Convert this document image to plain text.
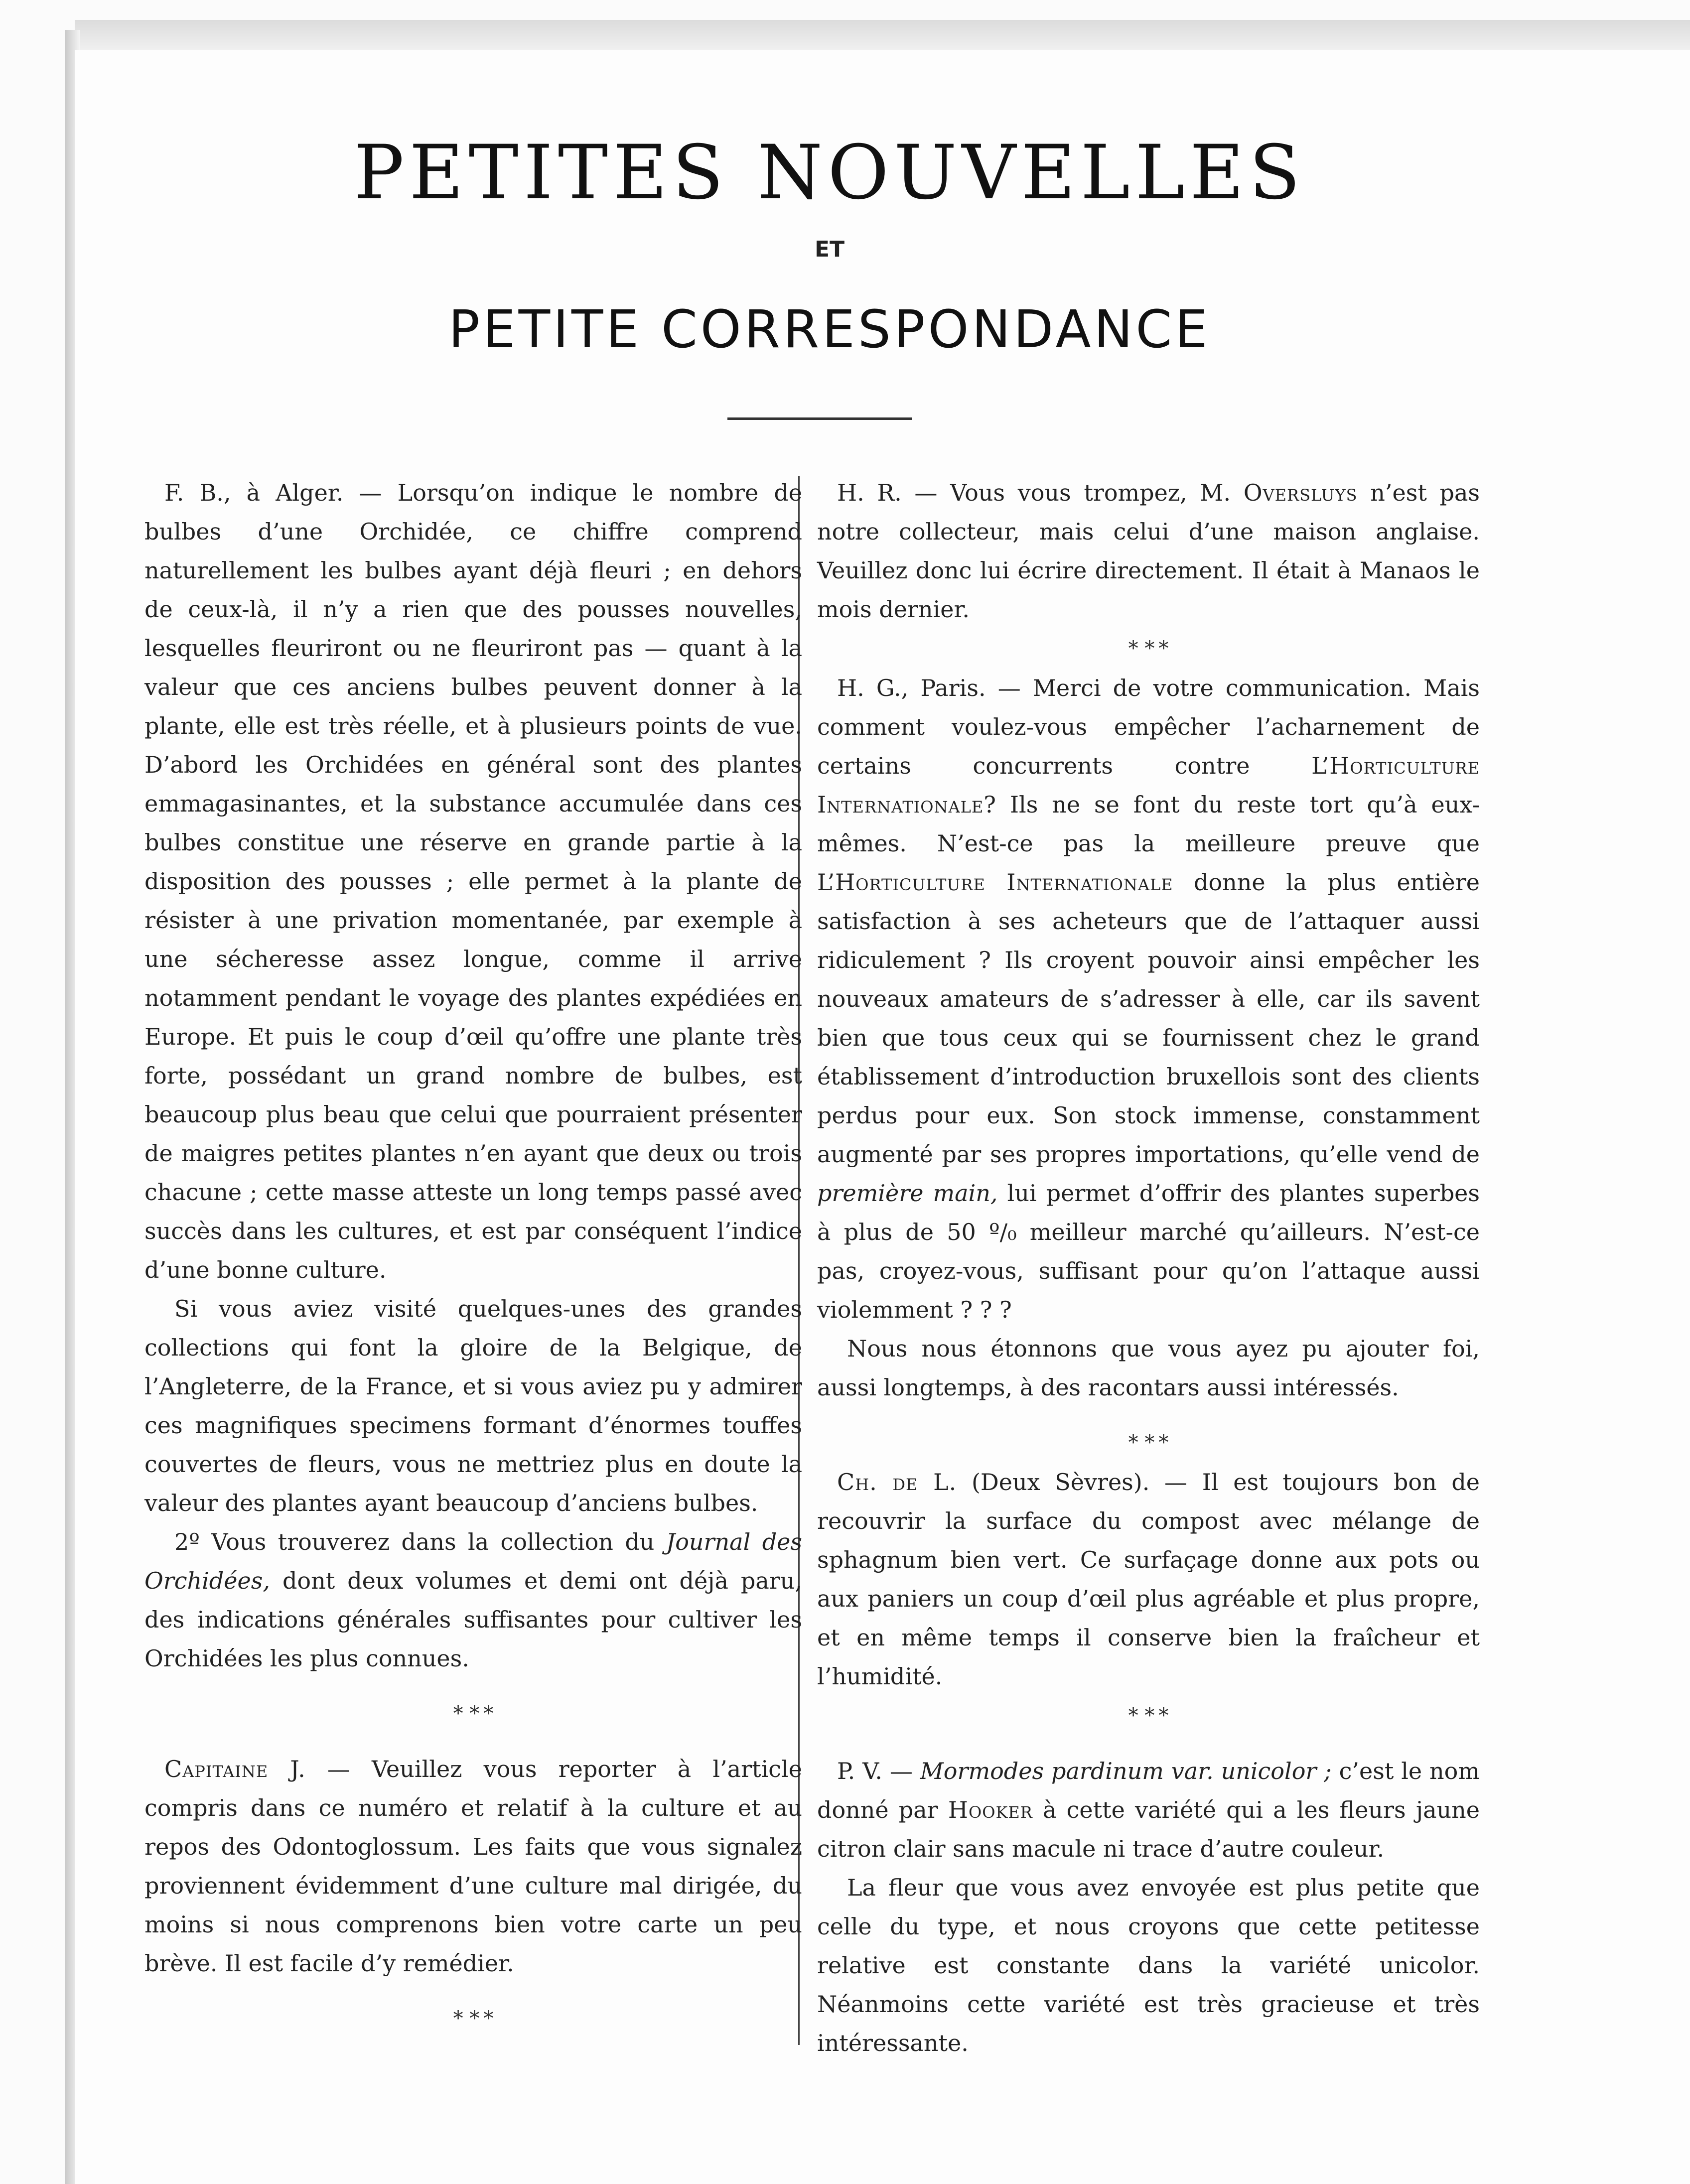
PETITES NOUVELLES
ET
PETITE CORRESPONDANCE

F. B., à Alger. — Lorsqu’on indique le nombre de bulbes d’une Orchidée, ce chiffre comprend naturellement les bulbes ayant déjà fleuri ; en dehors de ceux-là, il n’y a rien que des pousses nouvelles, lesquelles fleuriront ou ne fleuriront pas — quant à la valeur que ces anciens bulbes peuvent donner à la plante, elle est très réelle, et à plusieurs points de vue. D’abord les Orchidées en général sont des plantes emmagasinantes, et la substance accumulée dans ces bulbes constitue une réserve en grande partie à la disposition des pousses ; elle permet à la plante de résister à une privation momentanée, par exemple à une sécheresse assez longue, comme il arrive notamment pendant le voyage des plantes expédiées en Europe. Et puis le coup d’œil qu’offre une plante très forte, possédant un grand nombre de bulbes, est beaucoup plus beau que celui que pourraient présenter de maigres petites plantes n’en ayant que deux ou trois chacune ; cette masse atteste un long temps passé avec succès dans les cultures, et est par conséquent l’indice d’une bonne culture.

Si vous aviez visité quelques-unes des grandes collections qui font la gloire de la Belgique, de l’Angleterre, de la France, et si vous aviez pu y admirer ces magnifiques specimens formant d’énormes touffes couvertes de fleurs, vous ne mettriez plus en doute la valeur des plantes ayant beaucoup d’anciens bulbes.

2º Vous trouverez dans la collection du Journal des Orchidées, dont deux volumes et demi ont déjà paru, des indications générales suffisantes pour cultiver les Orchidées les plus connues.

* * *

Capitaine J. — Veuillez vous reporter à l’article compris dans ce numéro et relatif à la culture et au repos des Odontoglossum. Les faits que vous signalez proviennent évidemment d’une culture mal dirigée, du moins si nous comprenons bien votre carte un peu brève. Il est facile d’y remédier.

* * *

H. R. — Vous vous trompez, M. Oversluys n’est pas notre collecteur, mais celui d’une maison anglaise. Veuillez donc lui écrire directement. Il était à Manaos le mois dernier.

* * *

H. G., Paris. — Merci de votre communication. Mais comment voulez-vous empêcher l’acharnement de certains concurrents contre L’Horticulture Internationale? Ils ne se font du reste tort qu’à eux-mêmes. N’est-ce pas la meilleure preuve que L’Horticulture Internationale donne la plus entière satisfaction à ses acheteurs que de l’attaquer aussi ridiculement ? Ils croyent pouvoir ainsi empêcher les nouveaux amateurs de s’adresser à elle, car ils savent bien que tous ceux qui se fournissent chez le grand établissement d’introduction bruxellois sont des clients perdus pour eux. Son stock immense, constamment augmenté par ses propres importations, qu’elle vend de première main, lui permet d’offrir des plantes superbes à plus de 50 º/₀ meilleur marché qu’ailleurs. N’est-ce pas, croyez-vous, suffisant pour qu’on l’attaque aussi violemment ? ? ?

Nous nous étonnons que vous ayez pu ajouter foi, aussi longtemps, à des racontars aussi intéressés.

* * *

Ch. de L. (Deux Sèvres). — Il est toujours bon de recouvrir la surface du compost avec mélange de sphagnum bien vert. Ce surfaçage donne aux pots ou aux paniers un coup d’œil plus agréable et plus propre, et en même temps il conserve bien la fraîcheur et l’humidité.

* * *

P. V. — Mormodes pardinum var. unicolor ; c’est le nom donné par Hooker à cette variété qui a les fleurs jaune citron clair sans macule ni trace d’autre couleur.

La fleur que vous avez envoyée est plus petite que celle du type, et nous croyons que cette petitesse relative est constante dans la variété unicolor. Néanmoins cette variété est très gracieuse et très intéressante.
